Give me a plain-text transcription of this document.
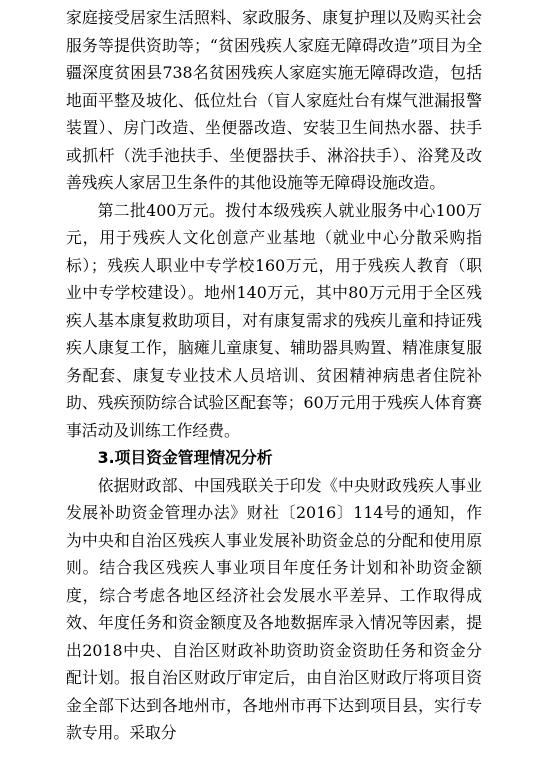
家庭接受居家生活照料、家政服务、康复护理以及购买社会服务等提供资助等；“贫困残疾人家庭无障碍改造”项目为全疆深度贫困县738名贫困残疾人家庭实施无障碍改造，包括地面平整及坡化、低位灶台（盲人家庭灶台有煤气泄漏报警装置）、房门改造、坐便器改造、安装卫生间热水器、扶手或抓杆（洗手池扶手、坐便器扶手、淋浴扶手）、浴凳及改善残疾人家居卫生条件的其他设施等无障碍设施改造。

第二批400万元。拨付本级残疾人就业服务中心100万元，用于残疾人文化创意产业基地（就业中心分散采购指标）；残疾人职业中专学校160万元，用于残疾人教育（职业中专学校建设）。地州140万元，其中80万元用于全区残疾人基本康复救助项目，对有康复需求的残疾儿童和持证残疾人康复工作，脑瘫儿童康复、辅助器具购置、精准康复服务配套、康复专业技术人员培训、贫困精神病患者住院补助、残疾预防综合试验区配套等；60万元用于残疾人体育赛事活动及训练工作经费。

3.项目资金管理情况分析

依据财政部、中国残联关于印发《中央财政残疾人事业发展补助资金管理办法》财社〔2016〕114号的通知，作为中央和自治区残疾人事业发展补助资金总的分配和使用原则。结合我区残疾人事业项目年度任务计划和补助资金额度，综合考虑各地区经济社会发展水平差异、工作取得成效、年度任务和资金额度及各地数据库录入情况等因素，提出2018中央、自治区财政补助资助资金资助任务和资金分配计划。报自治区财政厅审定后，由自治区财政厅将项目资金全部下达到各地州市，各地州市再下达到项目县，实行专款专用。采取分
